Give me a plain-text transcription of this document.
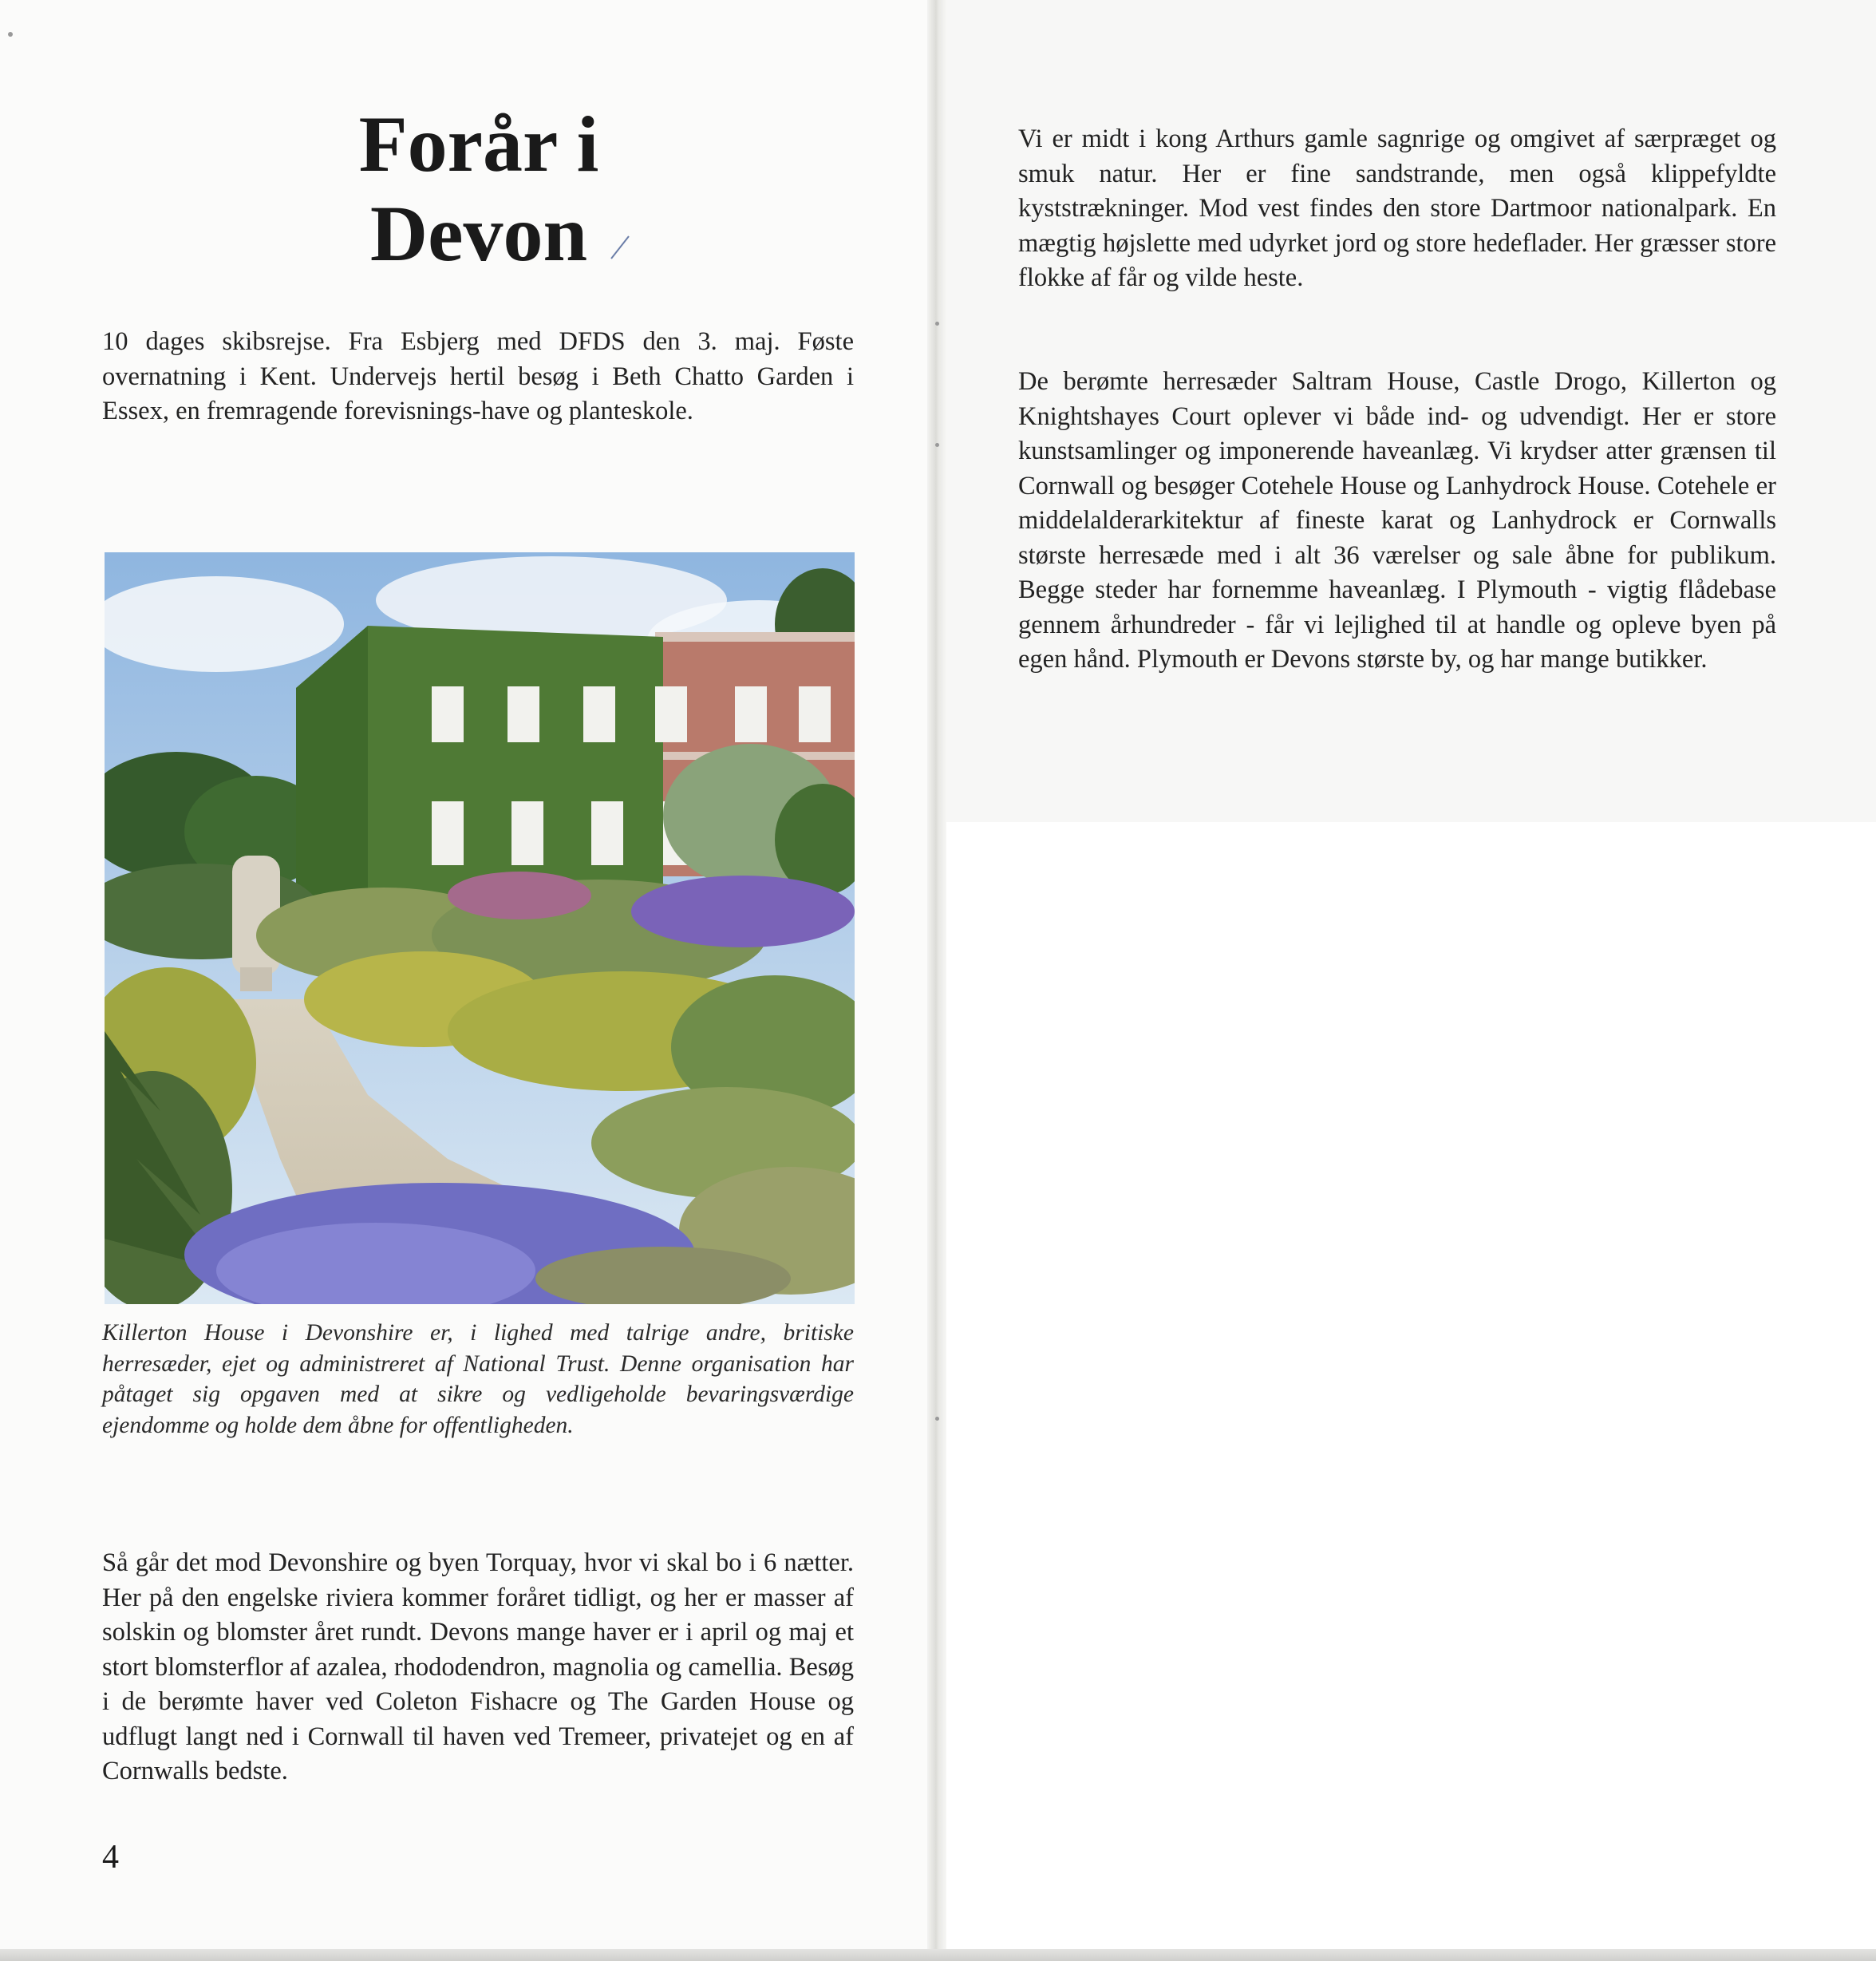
Forår i
Devon

10 dages skibsrejse. Fra Esbjerg med DFDS den 3. maj. Føste overnatning i Kent. Undervejs hertil besøg i Beth Chatto Garden i Essex, en fremragende forevisnings-have og planteskole.

Killerton House i Devonshire er, i lighed med talrige andre, britiske herresæder, ejet og administreret af National Trust. Denne organisation har påtaget sig opgaven med at sikre og vedligeholde bevaringsværdige ejendomme og holde dem åbne for offentligheden.

Så går det mod Devonshire og byen Torquay, hvor vi skal bo i 6 nætter. Her på den engelske riviera kommer foråret tidligt, og her er masser af solskin og blomster året rundt. Devons mange haver er i april og maj et stort blomsterflor af azalea, rhododendron, magnolia og camellia. Besøg i de berømte haver ved Coleton Fishacre og The Garden House og udflugt langt ned i Cornwall til haven ved Tremeer, privatejet og en af Cornwalls bedste.

4

Vi er midt i kong Arthurs gamle sagnrige og omgivet af særpræget og smuk natur. Her er fine sandstrande, men også klippefyldte kyststrækninger. Mod vest findes den store Dartmoor nationalpark. En mægtig højslette med udyrket jord og store hedeflader. Her græsser store flokke af får og vilde heste.

De berømte herresæder Saltram House, Castle Drogo, Killerton og Knightshayes Court oplever vi både ind- og udvendigt. Her er store kunstsamlinger og imponerende haveanlæg. Vi krydser atter grænsen til Cornwall og besøger Cotehele House og Lanhydrock House. Cotehele er middelalderarkitektur af fineste karat og Lanhydrock er Cornwalls største herresæde med i alt 36 værelser og sale åbne for publikum. Begge steder har fornemme haveanlæg. I Plymouth - vigtig flådebase gennem århundreder - får vi lejlighed til at handle og opleve byen på egen hånd. Plymouth er Devons største by, og har mange butikker.
